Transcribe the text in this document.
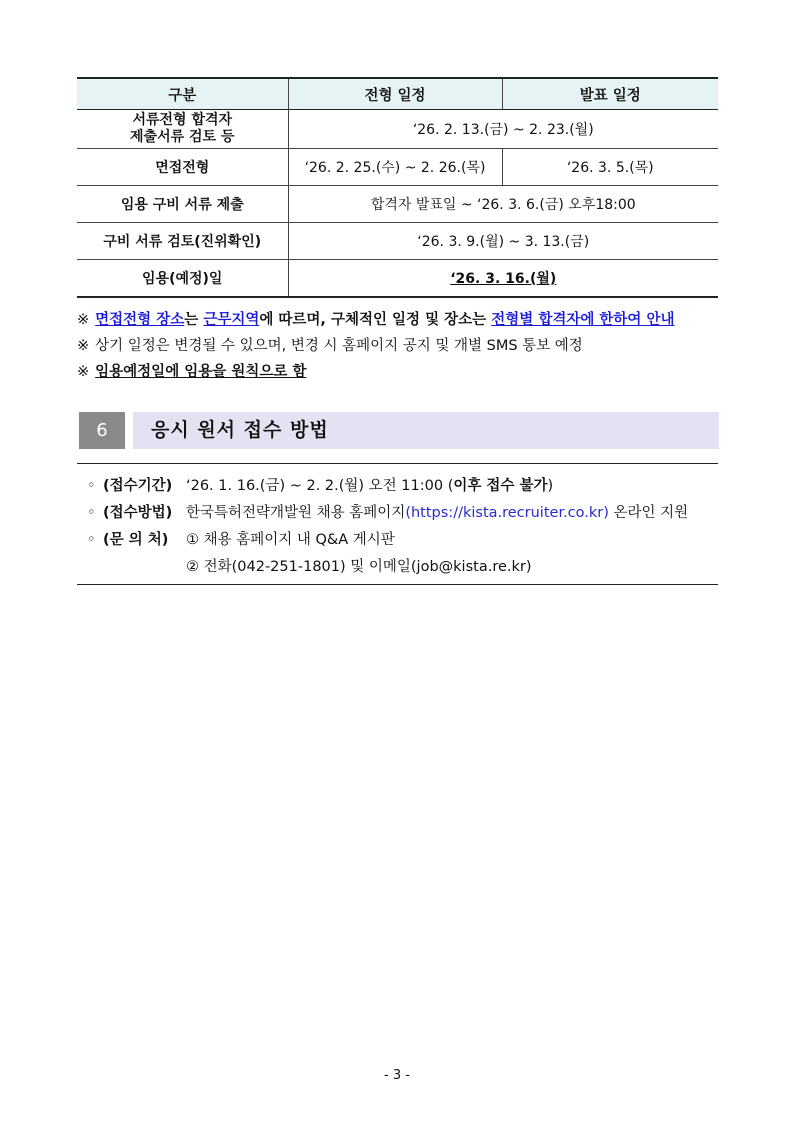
구분	전형 일정	발표 일정

서류전형 합격자
제출서류 검토 등	‘26. 2. 13.(금) ~ 2. 23.(월)	
면접전형	‘26. 2. 25.(수) ~ 2. 26.(목)	‘26. 3. 5.(목)
임용 구비 서류 제출	합격자 발표일 ~ ‘26. 3. 6.(금) 오후18:00	
구비 서류 검토(진위확인)	‘26. 3. 9.(월) ~ 3. 13.(금)	
임용(예정)일	‘26. 3. 16.(월)	
※ 면접전형 장소는 근무지역에 따르며, 구체적인 일정 및 장소는 전형별 합격자에 한하여 안내
※ 상기 일정은 변경될 수 있으며, 변경 시 홈페이지 공지 및 개별 SMS 통보 예정
※ 임용예정일에 임용을 원칙으로 함
6	응시 원서 접수 방법
◦ (접수기간) ‘26. 1. 16.(금) ~ 2. 2.(월) 오전 11:00 (이후 접수 불가)
◦ (접수방법) 한국특허전략개발원 채용 홈페이지(https://kista.recruiter.co.kr) 온라인 지원
◦ (문 의 처) ① 채용 홈페이지 내 Q&A 게시판
② 전화(042-251-1801) 및 이메일(job@kista.re.kr)
- 3 -
